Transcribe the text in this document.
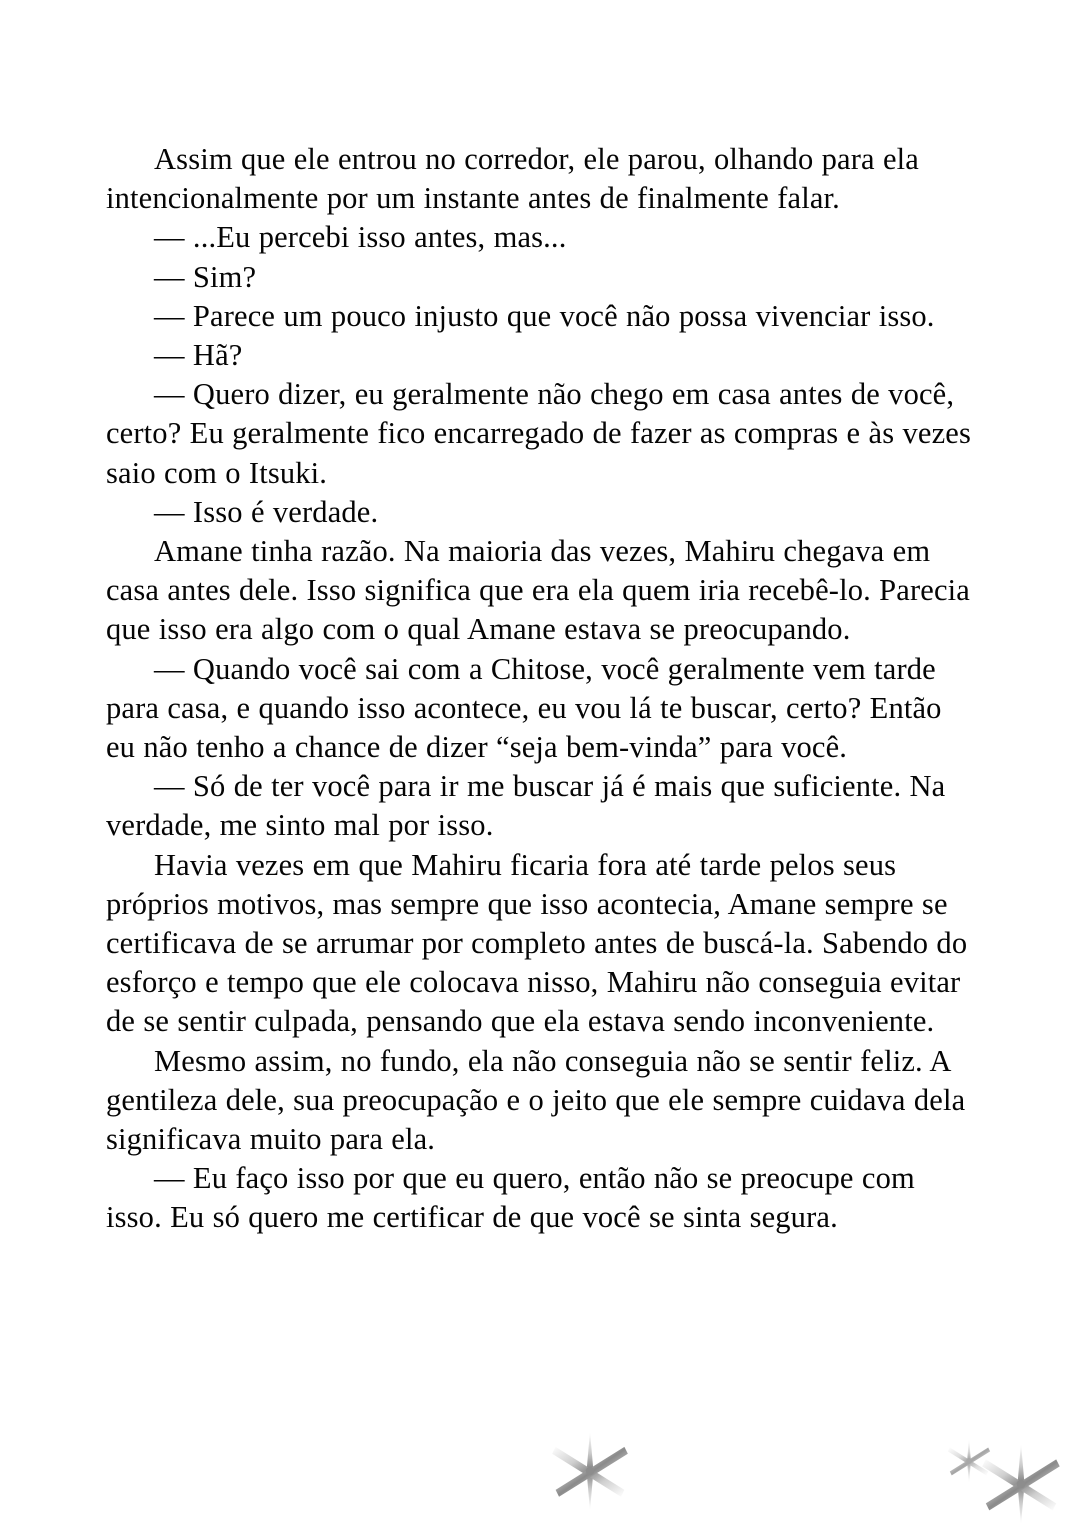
Assim que ele entrou no corredor, ele parou, olhando para ela intencionalmente por um instante antes de finalmente falar.

— ...Eu percebi isso antes, mas...

— Sim?

— Parece um pouco injusto que você não possa vivenciar isso.

— Hã?

— Quero dizer, eu geralmente não chego em casa antes de você, certo? Eu geralmente fico encarregado de fazer as compras e às vezes saio com o Itsuki.

— Isso é verdade.

Amane tinha razão. Na maioria das vezes, Mahiru chegava em casa antes dele. Isso significa que era ela quem iria recebê-lo. Parecia que isso era algo com o qual Amane estava se preocupando.

— Quando você sai com a Chitose, você geralmente vem tarde para casa, e quando isso acontece, eu vou lá te buscar, certo? Então eu não tenho a chance de dizer “seja bem-vinda” para você.

— Só de ter você para ir me buscar já é mais que suficiente. Na verdade, me sinto mal por isso.

Havia vezes em que Mahiru ficaria fora até tarde pelos seus próprios motivos, mas sempre que isso acontecia, Amane sempre se certificava de se arrumar por completo antes de buscá-la. Sabendo do esforço e tempo que ele colocava nisso, Mahiru não conseguia evitar de se sentir culpada, pensando que ela estava sendo inconveniente.

Mesmo assim, no fundo, ela não conseguia não se sentir feliz. A gentileza dele, sua preocupação e o jeito que ele sempre cuidava dela significava muito para ela.

— Eu faço isso por que eu quero, então não se preocupe com isso. Eu só quero me certificar de que você se sinta segura.
